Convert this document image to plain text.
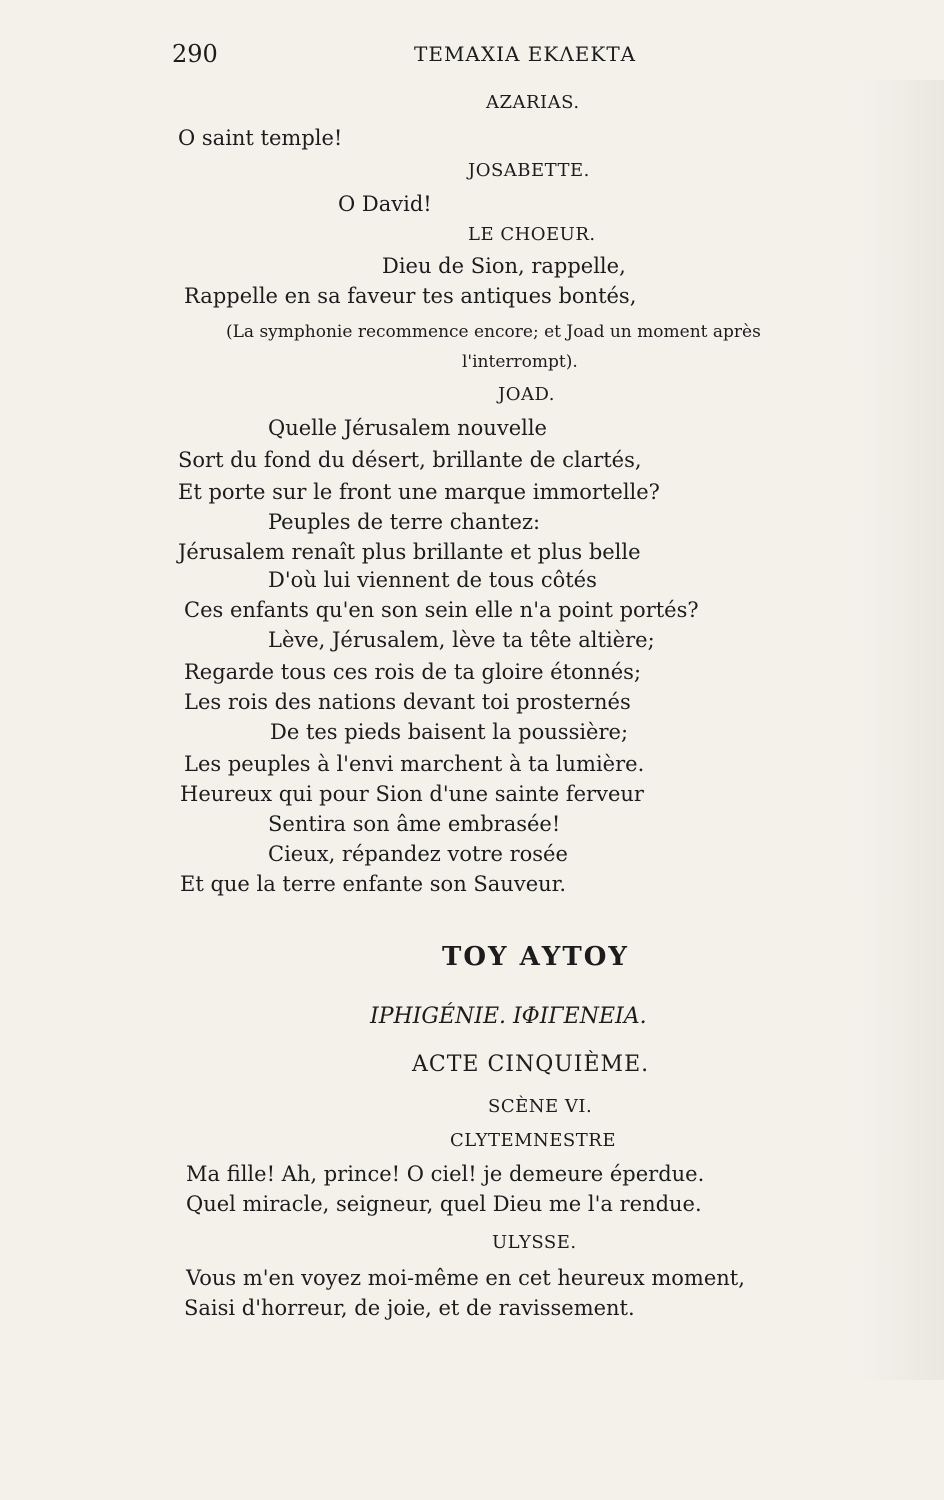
290	ΤΕΜΑΧΙΑ ΕΚΛΕΚΤΑ
AZARIAS.
O saint temple!
JOSABETTE.
O David!
LE CHOEUR.
Dieu de Sion, rappelle,
Rappelle en sa faveur tes antiques bontés,
(La symphonie recommence encore; et Joad un moment après
l'interrompt).
JOAD.
Quelle Jérusalem nouvelle
Sort du fond du désert, brillante de clartés,
Et porte sur le front une marque immortelle?
Peuples de terre chantez:
Jérusalem renaît plus brillante et plus belle
D'où lui viennent de tous côtés
Ces enfants qu'en son sein elle n'a point portés?
Lève, Jérusalem, lève ta tête altière;
Regarde tous ces rois de ta gloire étonnés;
Les rois des nations devant toi prosternés
De tes pieds baisent la poussière;
Les peuples à l'envi marchent à ta lumière.
Heureux qui pour Sion d'une sainte ferveur
Sentira son âme embrasée!
Cieux, répandez votre rosée
Et que la terre enfante son Sauveur.
ΤΟΥ ΑΥΤΟΥ
IPHIGÉNIE. ΙΦΙΓΕΝΕΙΑ.
ACTE CINQUIÈME.
SCÈNE VI.
CLYTEMNESTRE
Ma fille! Ah, prince! O ciel! je demeure éperdue.
Quel miracle, seigneur, quel Dieu me l'a rendue.
ULYSSE.
Vous m'en voyez moi-même en cet heureux moment,
Saisi d'horreur, de joie, et de ravissement.
